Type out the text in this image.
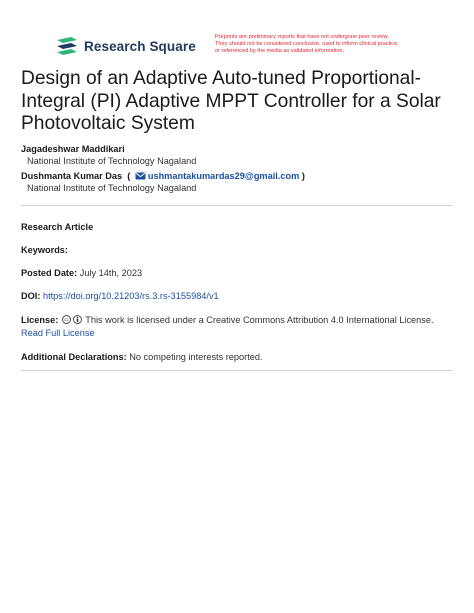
Research Square
Preprints are preliminary reports that have not undergone peer review.
They should not be considered conclusive, used to inform clinical practice,
or referenced by the media as validated information.
Design of an Adaptive Auto-tuned Proportional-
Integral (PI) Adaptive MPPT Controller for a Solar
Photovoltaic System
Jagadeshwar Maddikari
National Institute of Technology Nagaland
Dushmanta Kumar Das ( ushmantakumardas29@gmail.com )
National Institute of Technology Nagaland
Research Article
Keywords:
Posted Date: July 14th, 2023
DOI: https://doi.org/10.21203/rs.3.rs-3155984/v1
License: cc This work is licensed under a Creative Commons Attribution 4.0 International License.
Read Full License
Additional Declarations: No competing interests reported.
